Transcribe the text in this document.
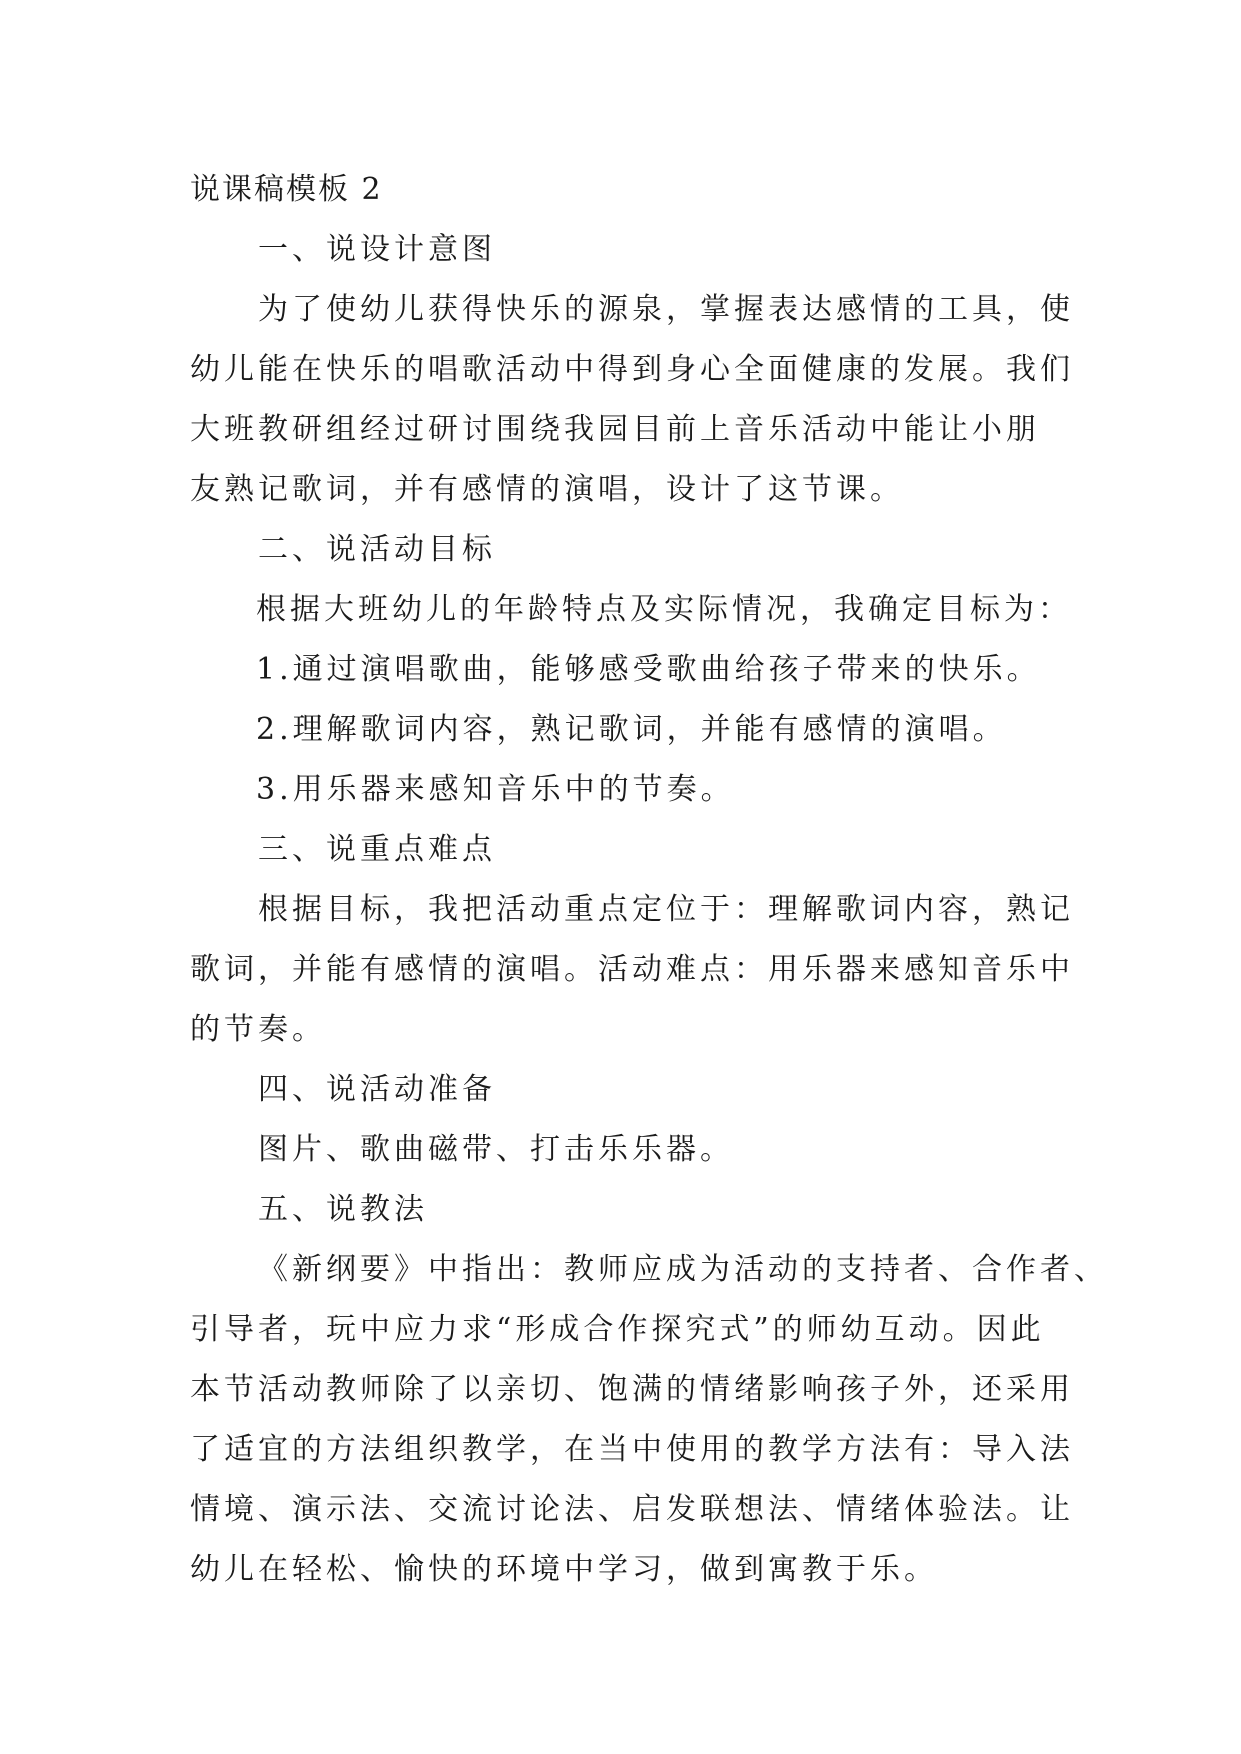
说课稿模板 2

一、说设计意图

为了使幼儿获得快乐的源泉，掌握表达感情的工具，使

幼儿能在快乐的唱歌活动中得到身心全面健康的发展。我们

大班教研组经过研讨围绕我园目前上音乐活动中能让小朋

友熟记歌词，并有感情的演唱，设计了这节课。

二、说活动目标

根据大班幼儿的年龄特点及实际情况，我确定目标为：

1.通过演唱歌曲，能够感受歌曲给孩子带来的快乐。

2.理解歌词内容，熟记歌词，并能有感情的演唱。

3.用乐器来感知音乐中的节奏。

三、说重点难点

根据目标，我把活动重点定位于：理解歌词内容，熟记

歌词，并能有感情的演唱。活动难点：用乐器来感知音乐中

的节奏。

四、说活动准备

图片、歌曲磁带、打击乐乐器。

五、说教法

《新纲要》中指出：教师应成为活动的支持者、合作者、

引导者，玩中应力求“形成合作探究式”的师幼互动。因此

本节活动教师除了以亲切、饱满的情绪影响孩子外，还采用

了适宜的方法组织教学，在当中使用的教学方法有：导入法

情境、演示法、交流讨论法、启发联想法、情绪体验法。让

幼儿在轻松、愉快的环境中学习，做到寓教于乐。
